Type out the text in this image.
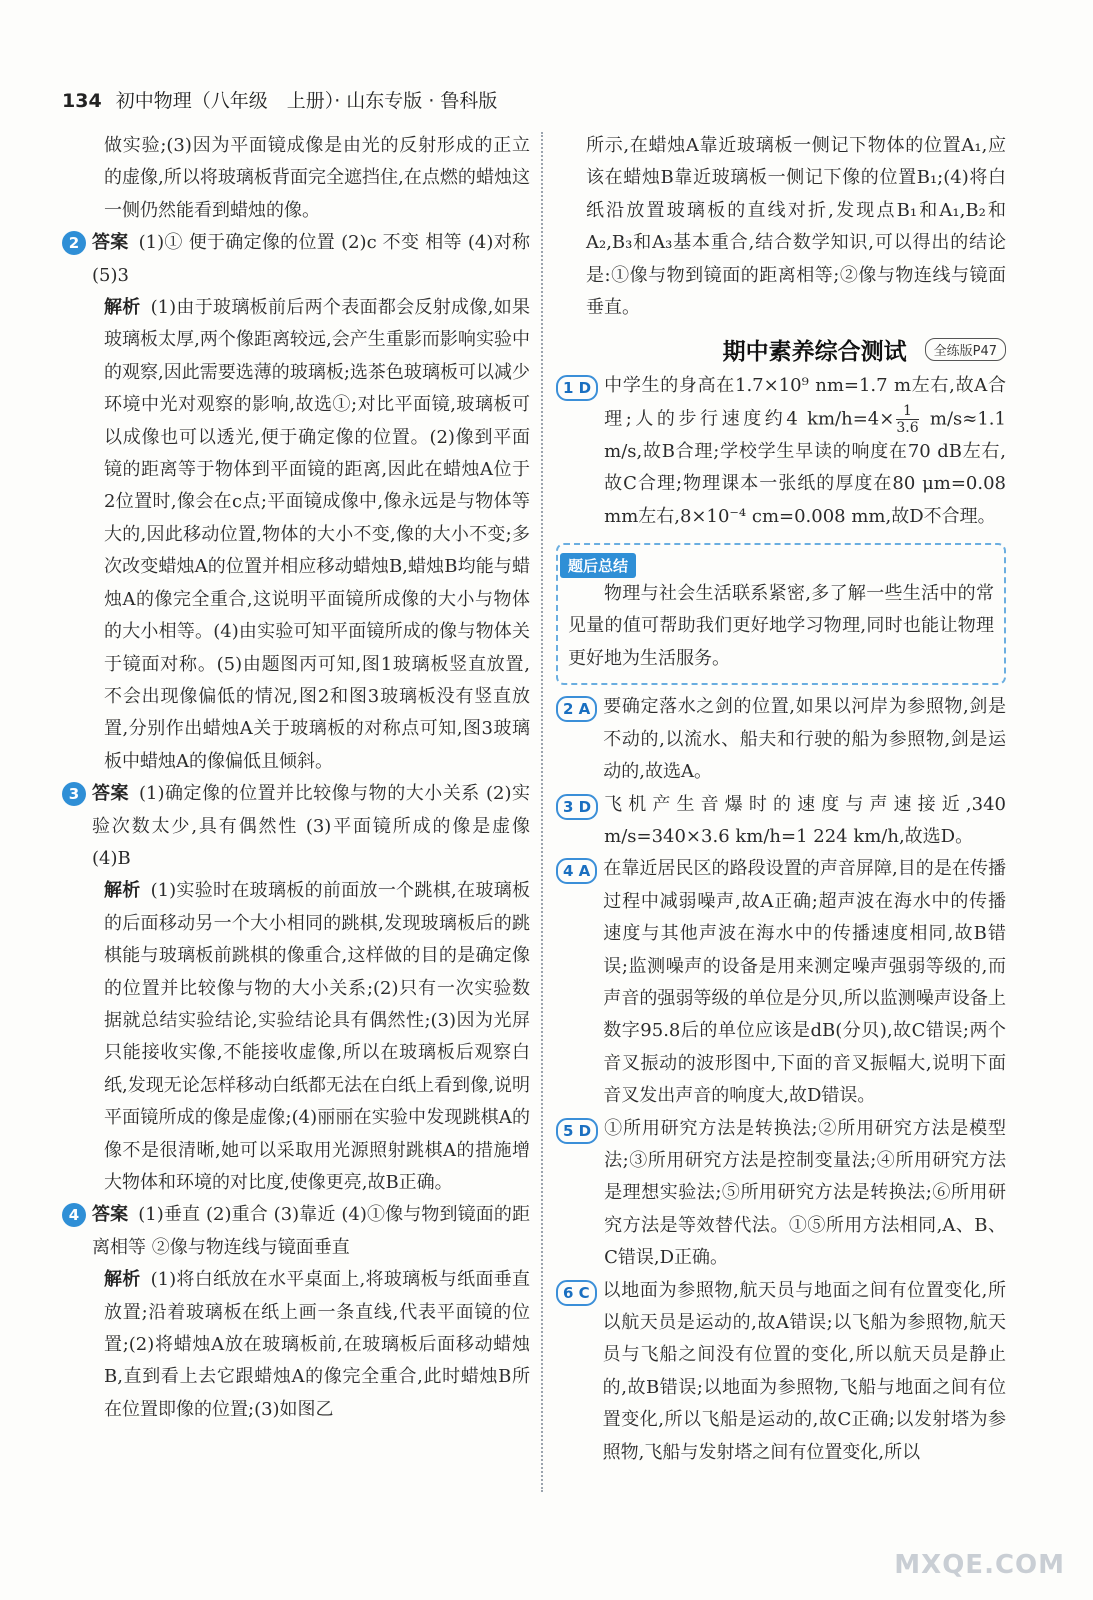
134 初中物理（八年级　上册）· 山东专版 · 鲁科版

做实验;(3)因为平面镜成像是由光的反射形成的正立的虚像,所以将玻璃板背面完全遮挡住,在点燃的蜡烛这一侧仍然能看到蜡烛的像。

2 答案 (1)① 便于确定像的位置 (2)c 不变 相等 (4)对称 (5)3

解析 (1)由于玻璃板前后两个表面都会反射成像,如果玻璃板太厚,两个像距离较远,会产生重影而影响实验中的观察,因此需要选薄的玻璃板;选茶色玻璃板可以减少环境中光对观察的影响,故选①;对比平面镜,玻璃板可以成像也可以透光,便于确定像的位置。(2)像到平面镜的距离等于物体到平面镜的距离,因此在蜡烛A位于2位置时,像会在c点;平面镜成像中,像永远是与物体等大的,因此移动位置,物体的大小不变,像的大小不变;多次改变蜡烛A的位置并相应移动蜡烛B,蜡烛B均能与蜡烛A的像完全重合,这说明平面镜所成像的大小与物体的大小相等。(4)由实验可知平面镜所成的像与物体关于镜面对称。(5)由题图丙可知,图1玻璃板竖直放置,不会出现像偏低的情况,图2和图3玻璃板没有竖直放置,分别作出蜡烛A关于玻璃板的对称点可知,图3玻璃板中蜡烛A的像偏低且倾斜。

3 答案 (1)确定像的位置并比较像与物的大小关系 (2)实验次数太少,具有偶然性 (3)平面镜所成的像是虚像 (4)B

解析 (1)实验时在玻璃板的前面放一个跳棋,在玻璃板的后面移动另一个大小相同的跳棋,发现玻璃板后的跳棋能与玻璃板前跳棋的像重合,这样做的目的是确定像的位置并比较像与物的大小关系;(2)只有一次实验数据就总结实验结论,实验结论具有偶然性;(3)因为光屏只能接收实像,不能接收虚像,所以在玻璃板后观察白纸,发现无论怎样移动白纸都无法在白纸上看到像,说明平面镜所成的像是虚像;(4)丽丽在实验中发现跳棋A的像不是很清晰,她可以采取用光源照射跳棋A的措施增大物体和环境的对比度,使像更亮,故B正确。

4 答案 (1)垂直 (2)重合 (3)靠近 (4)①像与物到镜面的距离相等 ②像与物连线与镜面垂直

解析 (1)将白纸放在水平桌面上,将玻璃板与纸面垂直放置;沿着玻璃板在纸上画一条直线,代表平面镜的位置;(2)将蜡烛A放在玻璃板前,在玻璃板后面移动蜡烛B,直到看上去它跟蜡烛A的像完全重合,此时蜡烛B所在位置即像的位置;(3)如图乙

所示,在蜡烛A靠近玻璃板一侧记下物体的位置A₁,应该在蜡烛B靠近玻璃板一侧记下像的位置B₁;(4)将白纸沿放置玻璃板的直线对折,发现点B₁和A₁,B₂和A₂,B₃和A₃基本重合,结合数学知识,可以得出的结论是:①像与物到镜面的距离相等;②像与物连线与镜面垂直。

期中素养综合测试	全练版P47
1 D 中学生的身高在1.7×10⁹ nm=1.7 m左右,故A合理;人的步行速度约4 $km/h=4\times \frac{1}{3.6} m/s\approx 1.1$ m/s,故B合理;学校学生早读的响度在70 dB左右,故C合理;物理课本一张纸的厚度在80 μm=0.08 mm左右,8×10⁻⁴ cm=0.008 mm,故D不合理。

题后总结

物理与社会生活联系紧密,多了解一些生活中的常见量的值可帮助我们更好地学习物理,同时也能让物理更好地为生活服务。

2 A 要确定落水之剑的位置,如果以河岸为参照物,剑是不动的,以流水、船夫和行驶的船为参照物,剑是运动的,故选A。

3 D 飞机产生音爆时的速度与声速接近,340 m/s=340×3.6 km/h=1 224 km/h,故选D。

4 A 在靠近居民区的路段设置的声音屏障,目的是在传播过程中减弱噪声,故A正确;超声波在海水中的传播速度与其他声波在海水中的传播速度相同,故B错误;监测噪声的设备是用来测定噪声强弱等级的,而声音的强弱等级的单位是分贝,所以监测噪声设备上数字95.8后的单位应该是dB(分贝),故C错误;两个音叉振动的波形图中,下面的音叉振幅大,说明下面音叉发出声音的响度大,故D错误。

5 D ①所用研究方法是转换法;②所用研究方法是模型法;③所用研究方法是控制变量法;④所用研究方法是理想实验法;⑤所用研究方法是转换法;⑥所用研究方法是等效替代法。①⑤所用方法相同,A、B、C错误,D正确。

6 C 以地面为参照物,航天员与地面之间有位置变化,所以航天员是运动的,故A错误;以飞船为参照物,航天员与飞船之间没有位置的变化,所以航天员是静止的,故B错误;以地面为参照物,飞船与地面之间有位置变化,所以飞船是运动的,故C正确;以发射塔为参照物,飞船与发射塔之间有位置变化,所以

MXQE.COM
